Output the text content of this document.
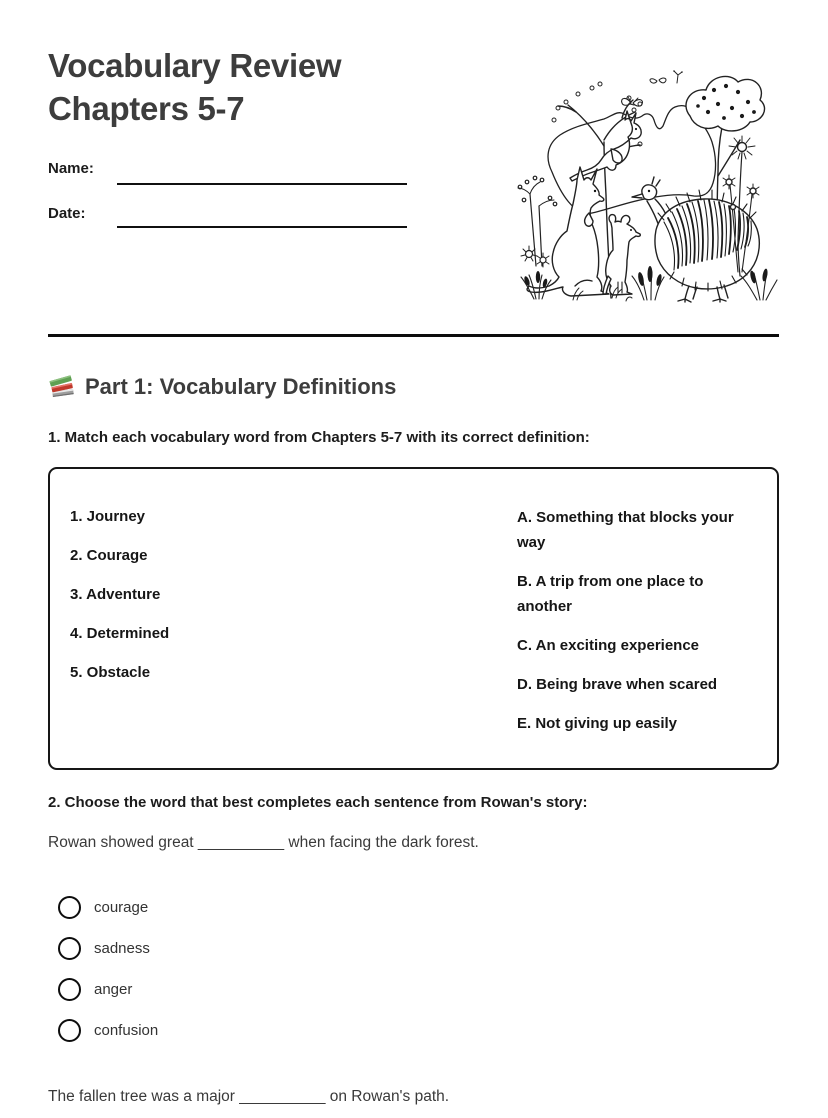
Vocabulary Review
Chapters 5-7
Name:
Date:
Part 1: Vocabulary Definitions
1. Match each vocabulary word from Chapters 5-7 with its correct definition:
1. Journey
2. Courage
3. Adventure
4. Determined
5. Obstacle
A. Something that blocks your way
B. A trip from one place to another
C. An exciting experience
D. Being brave when scared
E. Not giving up easily
2. Choose the word that best completes each sentence from Rowan's story:
Rowan showed great __________ when facing the dark forest.
courage
sadness
anger
confusion
The fallen tree was a major __________ on Rowan's path.
